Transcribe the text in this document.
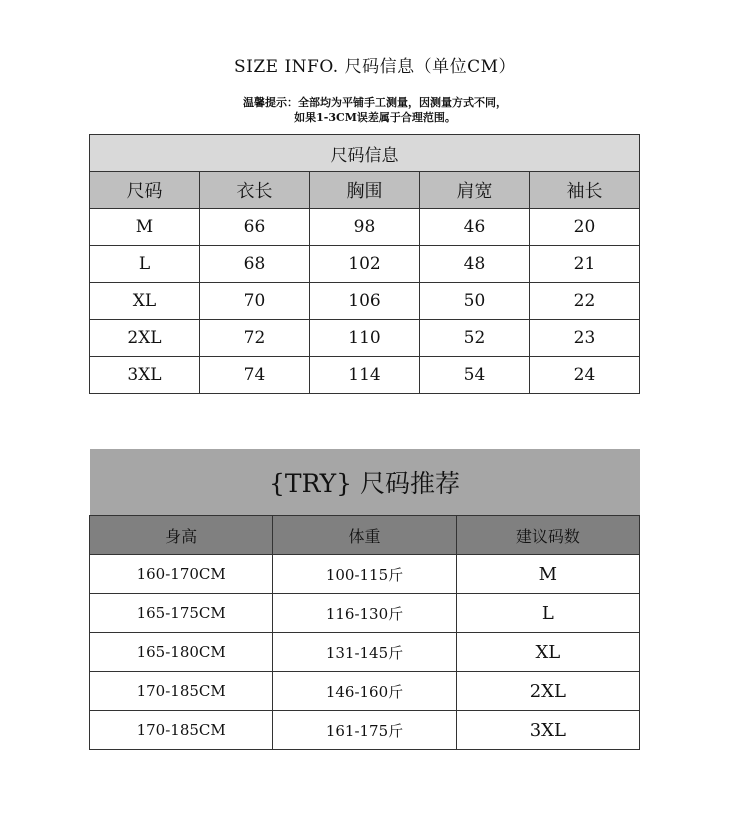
SIZE INFO. 尺码信息（单位CM）
温馨提示：全部均为平铺手工测量，因测量方式不同，
如果1-3CM误差属于合理范围。
尺码信息				
尺码	衣长	胸围	肩宽	袖长
M	66	98	46	20
L	68	102	48	21
XL	70	106	50	22
2XL	72	110	52	23
3XL	74	114	54	24
{TRY} 尺码推荐		
身高	体重	建议码数
160-170CM	100-115斤	M
165-175CM	116-130斤	L
165-180CM	131-145斤	XL
170-185CM	146-160斤	2XL
170-185CM	161-175斤	3XL
